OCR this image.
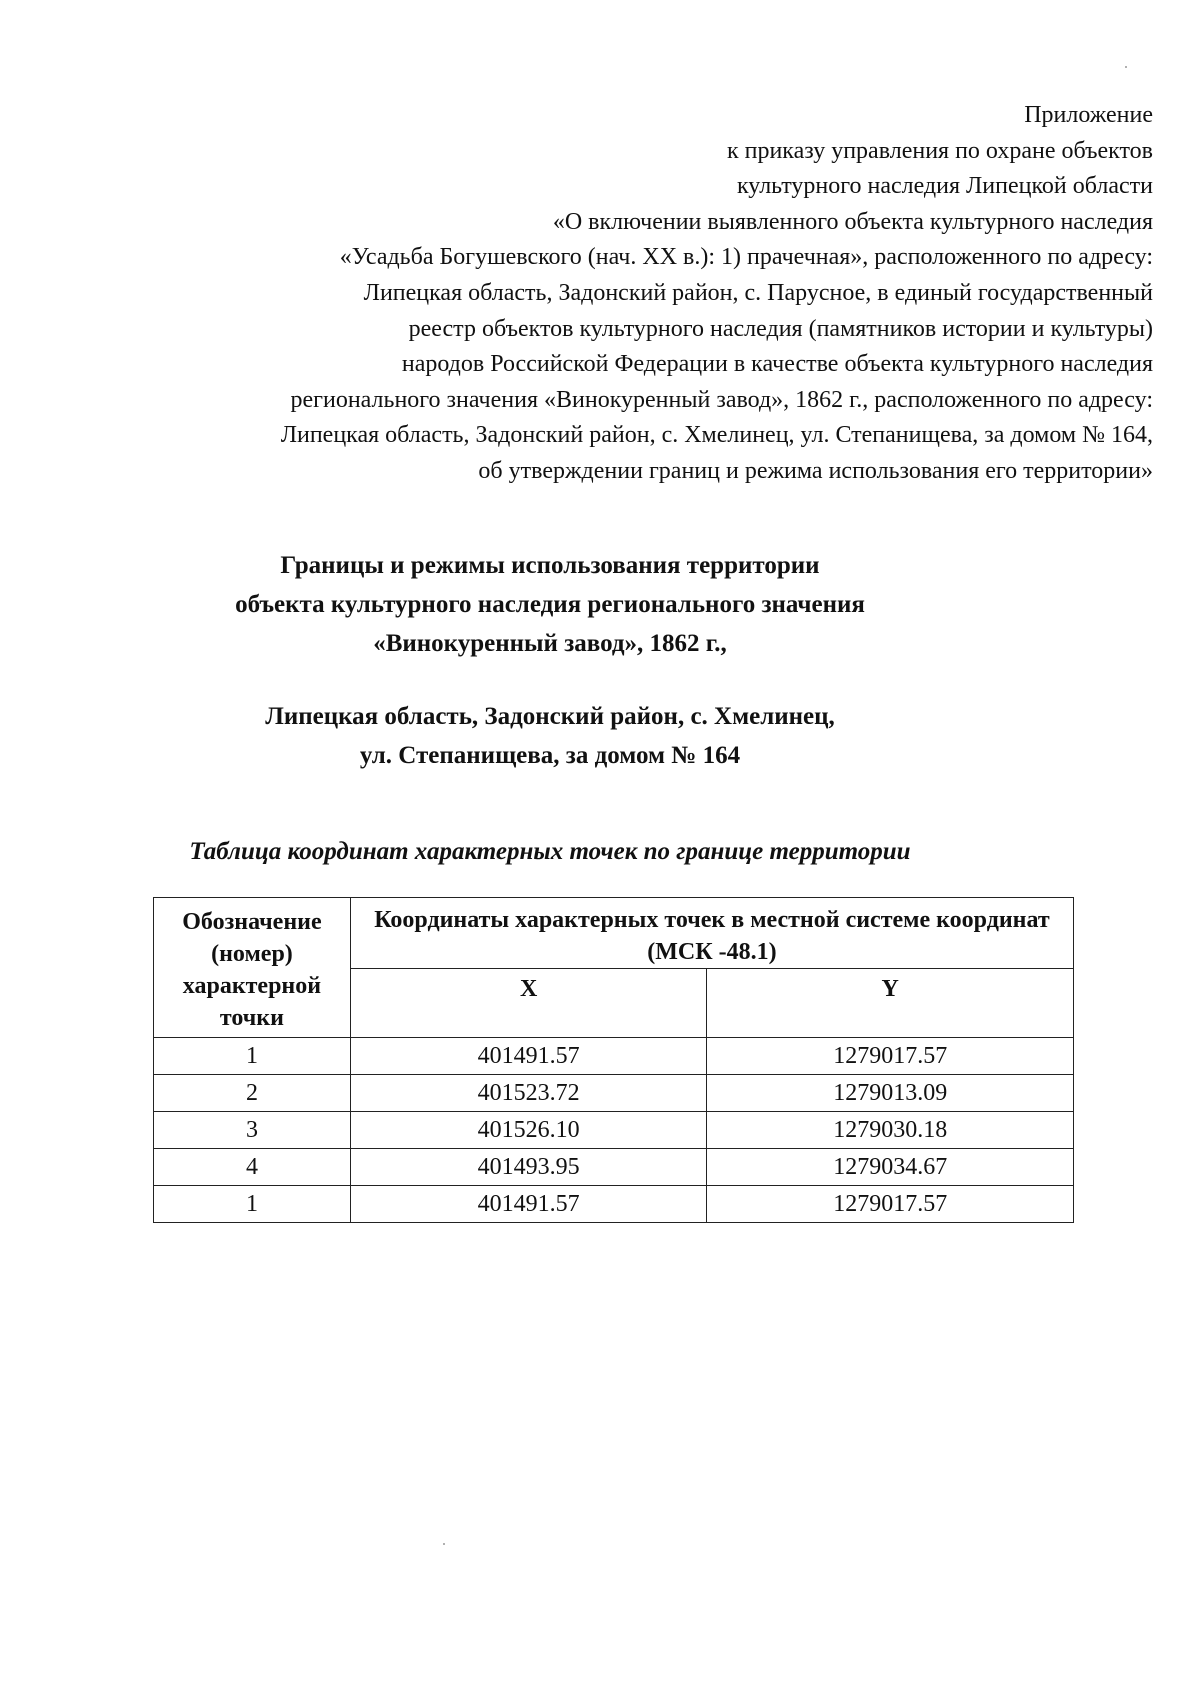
Приложение
к приказу управления по охране объектов
культурного наследия Липецкой области
«О включении выявленного объекта культурного наследия
«Усадьба Богушевского (нач. XX в.): 1) прачечная», расположенного по адресу:
Липецкая область, Задонский район, с. Парусное, в единый государственный
реестр объектов культурного наследия (памятников истории и культуры)
народов Российской Федерации в качестве объекта культурного наследия
регионального значения «Винокуренный завод», 1862 г., расположенного по адресу:
Липецкая область, Задонский район, с. Хмелинец, ул. Степанищева, за домом № 164,
об утверждении границ и режима использования его территории»
Границы и режимы использования территории
объекта культурного наследия регионального значения
«Винокуренный завод», 1862 г.,
Липецкая область, Задонский район, с. Хмелинец,
ул. Степанищева, за домом № 164
Таблица координат характерных точек по границе территории
Обозначение (номер) характерной точки	Координаты характерных точек в местной системе координат (МСК -48.1)	
	X	Y
1	401491.57	1279017.57
2	401523.72	1279013.09
3	401526.10	1279030.18
4	401493.95	1279034.67
1	401491.57	1279017.57
